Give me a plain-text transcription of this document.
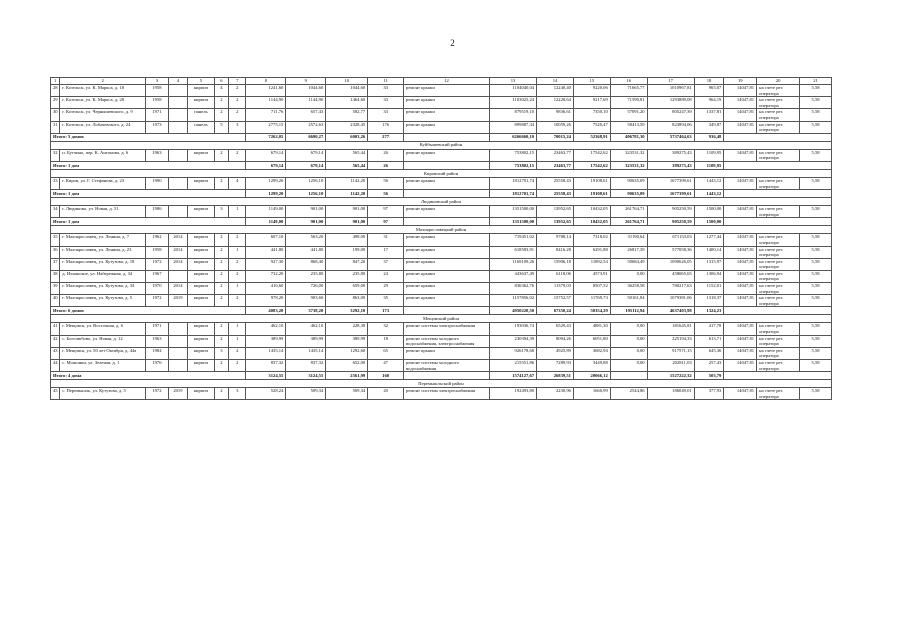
2
1	2	3	4	5	6	7	8	9	10	11	12	13	14	15	16	17	18	19	20	21
28	г. Козельск, ул. К. Маркса, д. 18	1958		кирпич	4	2	1241,60	1044,60	1044,60	33	ремонт крыши	1104040,04	12240,40	9220,06	71665,77	1010967,81	965,07	14047,81	на счете рег. оператора	5,58
29	г. Козельск, ул. К. Маркса, д. 28	1958		кирпич	2	2	1144,90	1144,90	1464,60	33	ремонт крыши	1103025,24	12228,64	9217,69	71590,81	1293889,08	964,19	14047,81	на счете рег. оператора	5,58
30	г. Козельск, ул. Чернышевского, д. 9	1971		панель	2	2	711,76	657,43	582,77	33	ремонт крыши	879519,10	9836,61	7350,10	57091,20	805247,39	1337,81	14047,81	на счете рег. оператора	5,58
31	г. Козельск, ул. Лобачевского, д. 24	1973		панель	5	3	2775,15	2572,63	2328,45	176	ремонт крыши	899887,34	10059,26	7520,47	58413,59	823894,06	349,87	14047,81	на счете рег. оператора	5,58
Итого: 5 домов							7262,05	6690,27	6003,26	277		6266660,10	70015,24	52368,91	406781,30	5737464,63	936,48			
Куйбышевский район																				
32	п. Бутчино, пер. К. Антонова, д. 6	1963		кирпич	2	2	679,14	679,14	565,44	26	ремонт крыши	753802,15	23463,77	17542,62	323531,32	389275,43	1109,95	14047,81	на счете рег. оператора	5,58
Итого: 1 дом							679,14	679,14	565,44	26		753802,15	23463,77	17542,62	323531,32	389275,43	1109,95			
Кировский район																				
33	г. Киров, ул. Г. Стефанова, д. 23	1990		кирпич	2	4	1299,20	1256,10	1142,20	56	ремонт крыши	1812701,74	25558,43	19108,61	90635,09	1677399,61	1443,12	14047,81	на счете рег. оператора	5,58
Итого: 1 дом							1299,20	1256,10	1142,20	56		1812701,74	25558,43	19108,61	90635,09	1677399,61	1443,12			
Людиновский район																				
34	г. Людиново, ул. Новая, д. 51	1986		кирпич	3	1	1149,00	901,00	901,00	97	ремонт крыши	1351500,00	13952,65	10432,05	261764,71	905250,59	1500,00	14047,81	на счете рег. оператора	5,58
Итого: 1 дом							1149,00	901,00	901,00	97		1351500,00	13952,65	10432,05	261764,71	905250,59	1500,00			
Малоярославецкий район																				
35	г. Малоярославец, ул. Ленина, д. 7	1962	2014	кирпич	2	2	607,10	563,20	498,00	31	ремонт крыши	719451,02	9788,14	7318,02	31190,64	671153,03	1277,44	14047,81	на счете рег. оператора	5,58
36	г. Малоярославец, ул. Ленина, д. 23	1958	2014	кирпич	2	1	441,80	441,80	199,00	17	ремонт крыши	618583,91	8416,28	6291,88	26817,39	577058,36	1400,14	14047,81	на счете рег. оператора	5,58
37	г. Малоярославец, ул. Кутузова, д. 18	1972	2014	кирпич	2	2	927,30	868,40	847,20	37	ремонт крыши	1169109,26	15906,18	11892,54	50684,49	1090626,05	1315,97	14047,81	на счете рег. оператора	5,58
38	д. Ильинское, ул. Набережная, д. 34	1967		кирпич	2	2	732,20	235,80	235,80	24	ремонт крыши	443637,49	6118,06	4573,91	0,00	458065,65	1306,94	14047,81	на счете рег. оператора	5,58
39	г. Малоярославец, ул. Кутузова, д. 34	1970	2014	кирпич	2	1	416,60	726,00	659,00	29	ремонт крыши	836362,76	11379,03	8507,52	36258,58	780217,63	1152,01	14047,81	на счете рег. оператора	5,58
40	г. Малоярославец, ул. Кутузова, д. 5	1972	2019	кирпич	2	2	978,20	903,60	863,00	35	ремонт крыши	1157856,02	15752,57	11769,73	50161,84	1079381,06	1318,37	14047,81	на счете рег. оператора	5,58
Итого: 6 домов							4083,20	3738,20	3292,10	173		4950220,50	67350,24	50354,29	195112,94	4637403,98	1324,23			
Мещовский район																				
41	г. Мещовск, ул. Восточная, д. 6	1971		кирпич	2	1	462,10	462,10	228,30	32	ремонт системы электроснабжения	193036,74	6529,43	4881,30	0,00	181645,81	417,78	14047,81	на счете рег. оператора	5,58
42	с. Боголюбово, ул. Новая, д. 12	1963		кирпич	2	1	389,99	389,99	389,99	18	ремонт системы холодного водоснабжения, электроснабжения	230394,39	8094,26	6051,80	0,00	225194,33	613,71	14047,81	на счете рег. оператора	5,58
43	г. Мещовск, ул. 50 лет Октября, д. 44а	1984		кирпич	3	2	1435,14	1435,14	1292,60	65	ремонт крыши	926178,68	4925,89	3682,94	0,00	917571,15	645,36	14047,81	на счете рег. оператора	5,58
44	с. Мошонки, ул. Зеленая, д. 1	1976		кирпич	2	2	837,32	837,32	652,00	47	ремонт системы холодного водоснабжения	215551,86	7289,93	3449,88	0,00	202811,03	257,43	14047,81	на счете рег. оператора	5,58
Итого: 4 дома							3124,55	3124,55	2561,99	160		1574127,67	26839,51	20066,12		1527222,32	503,79			
Перемышльский район																				
45	с. Перемышль, ул. Кутузова, д. 5	1972	2019	кирпич	2	3	528,24	509,34	509,34	20	ремонт системы электроснабжения	192493,80	2230,96	1660,99	2544,86	186049,01	377,93	14047,81	на счете рег. оператора	5,58
